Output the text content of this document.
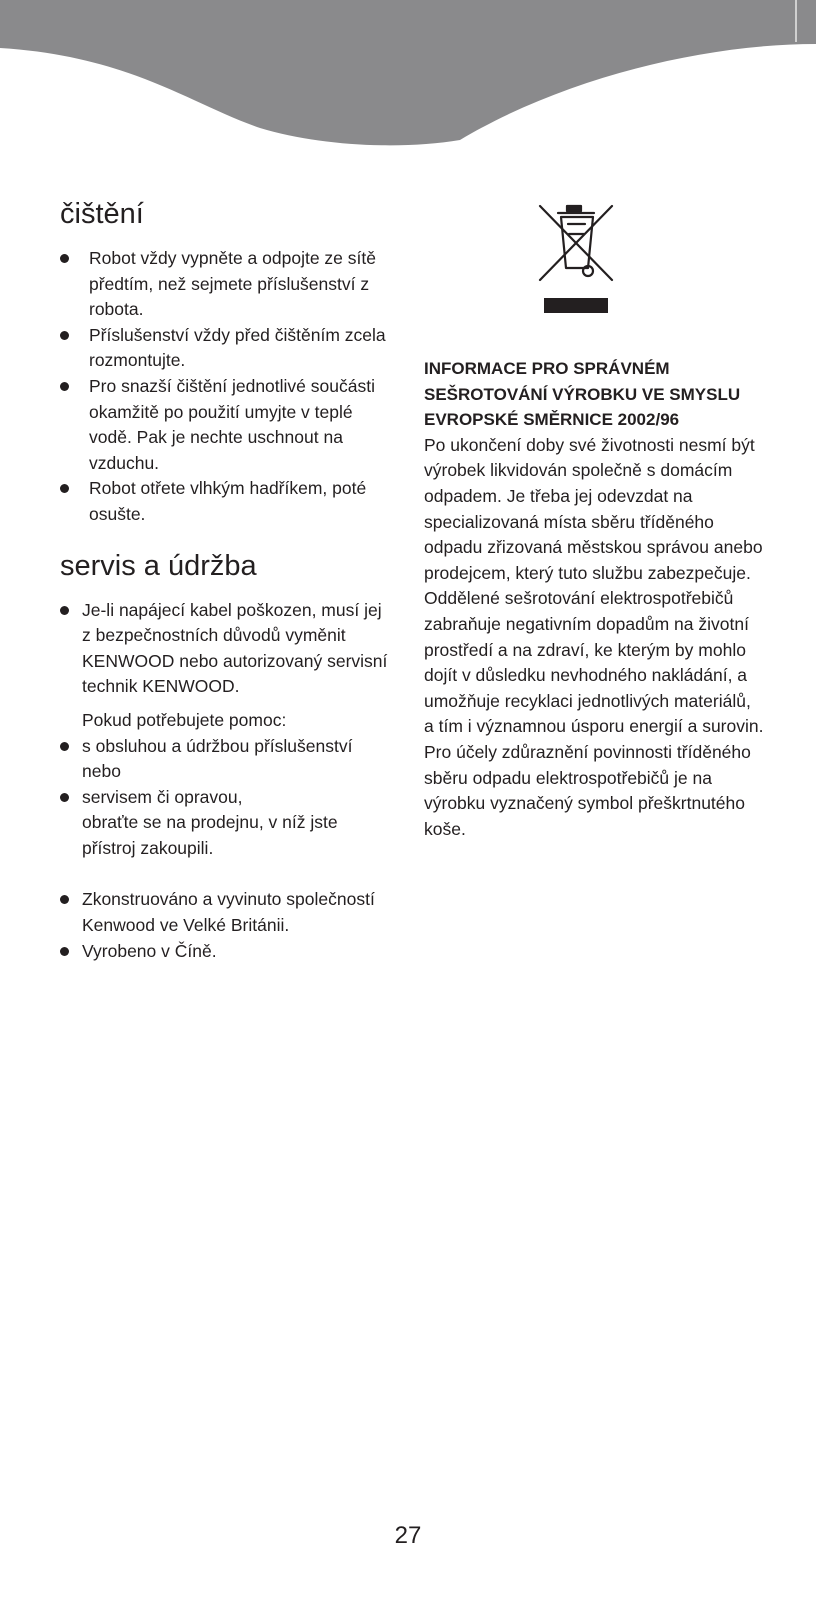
čištění
Robot vždy vypněte a odpojte ze sítě předtím, než sejmete příslušenství z robota.
Příslušenství vždy před čištěním zcela rozmontujte.
Pro snazší čištění jednotlivé součásti okamžitě po použití umyjte v teplé vodě. Pak je nechte uschnout na vzduchu.
Robot otřete vlhkým hadříkem, poté osušte.
servis a údržba
Je-li napájecí kabel poškozen, musí jej z bezpečnostních důvodů vyměnit KENWOOD nebo autorizovaný servisní technik KENWOOD.

Pokud potřebujete pomoc:

s obsluhou a údržbou příslušenství nebo
servisem či opravou,

obraťte se na prodejnu, v níž jste přístroj zakoupili.

Zkonstruováno a vyvinuto společností Kenwood ve Velké Británii.
Vyrobeno v Číně.

INFORMACE PRO SPRÁVNÉM SEŠROTOVÁNÍ VÝROBKU VE SMYSLU EVROPSKÉ SMĚRNICE 2002/96

Po ukončení doby své životnosti nesmí být výrobek likvidován společně s domácím odpadem. Je třeba jej odevzdat na specializovaná místa sběru tříděného odpadu zřizovaná městskou správou anebo prodejcem, který tuto službu zabezpečuje. Oddělené sešrotování elektrospotřebičů zabraňuje negativním dopadům na životní prostředí a na zdraví, ke kterým by mohlo dojít v důsledku nevhodného nakládání, a umožňuje recyklaci jednotlivých materiálů, a tím i významnou úsporu energií a surovin. Pro účely zdůraznění povinnosti tříděného sběru odpadu elektrospotřebičů je na výrobku vyznačený symbol přeškrtnutého koše.

27
